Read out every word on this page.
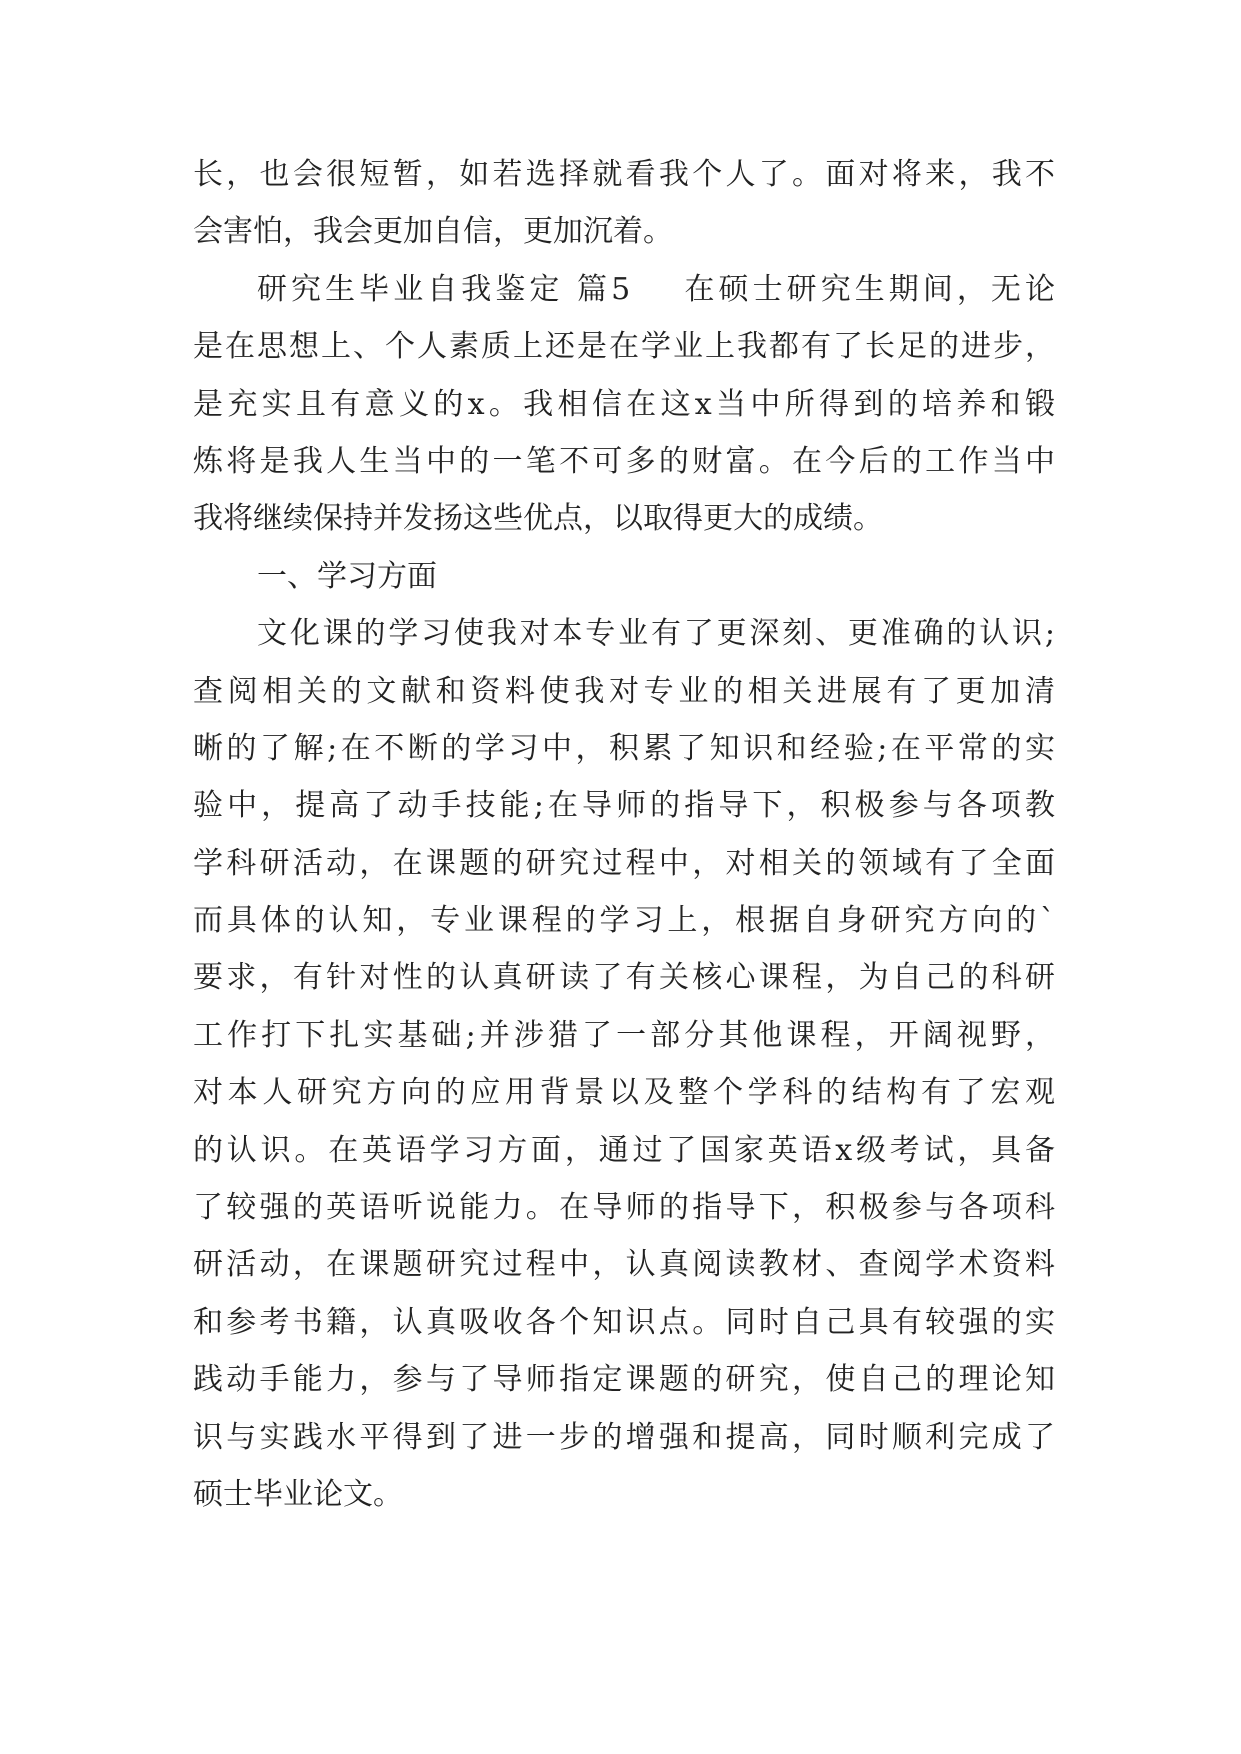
长，也会很短暂，如若选择就看我个人了。面对将来，我不
会害怕，我会更加自信，更加沉着。
研究生毕业自我鉴定 篇5    在硕士研究生期间，无论
是在思想上、个人素质上还是在学业上我都有了长足的进步，
是充实且有意义的x。我相信在这x当中所得到的培养和锻
炼将是我人生当中的一笔不可多的财富。在今后的工作当中
我将继续保持并发扬这些优点，以取得更大的成绩。
一、学习方面
文化课的学习使我对本专业有了更深刻、更准确的认识;
查阅相关的文献和资料使我对专业的相关进展有了更加清
晰的了解;在不断的学习中，积累了知识和经验;在平常的实
验中，提高了动手技能;在导师的指导下，积极参与各项教
学科研活动，在课题的研究过程中，对相关的领域有了全面
而具体的认知，专业课程的学习上，根据自身研究方向的`
要求，有针对性的认真研读了有关核心课程，为自己的科研
工作打下扎实基础;并涉猎了一部分其他课程，开阔视野，
对本人研究方向的应用背景以及整个学科的结构有了宏观
的认识。在英语学习方面，通过了国家英语x级考试，具备
了较强的英语听说能力。在导师的指导下，积极参与各项科
研活动，在课题研究过程中，认真阅读教材、查阅学术资料
和参考书籍，认真吸收各个知识点。同时自己具有较强的实
践动手能力，参与了导师指定课题的研究，使自己的理论知
识与实践水平得到了进一步的增强和提高，同时顺利完成了
硕士毕业论文。
